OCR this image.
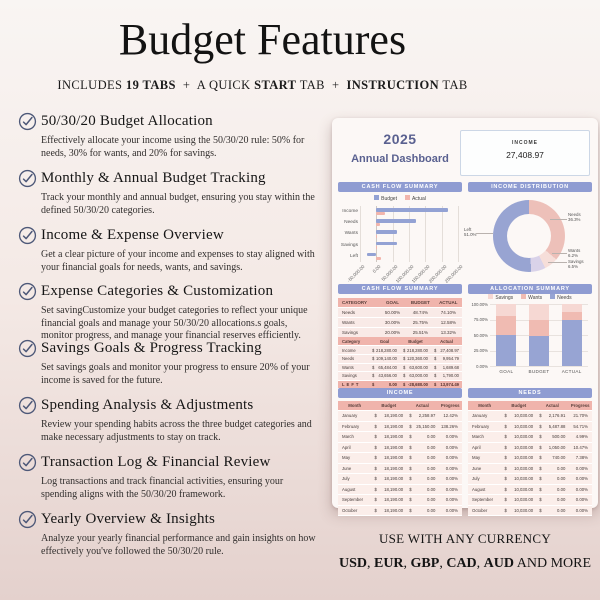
Budget Features
INCLUDES 19 TABS  +  A QUICK START TAB  +  INSTRUCTION TAB
50/30/20 Budget Allocation

Effectively allocate your income using the 50/30/20 rule: 50% for needs, 30% for wants, and 20% for savings.

Monthly & Annual Budget Tracking

Track your monthly and annual budget, ensuring you stay within the defined 50/30/20 categories.

Income & Expense Overview

Get a clear picture of your income and expenses to stay aligned with your financial goals for needs, wants, and savings.

Expense Categories & Customization

Set savingCustomize your budget categories to reflect your unique financial goals and manage your 50/30/20 allocations.s goals, monitor progress, and manage your financial reserves efficiently.

Savings Goals & Progress Tracking

Set savings goals and monitor your progress to ensure 20% of your income is saved for the future.

Spending Analysis & Adjustments

Review your spending habits across the three budget categories and make necessary adjustments to stay on track.

Transaction Log & Financial Review

Log transactions and track financial activities, ensuring your spending aligns with the 50/30/20 framework.

Yearly Overview & Insights

Analyze your yearly financial performance and gain insights on how effectively you've followed the 50/30/20 rule.

2025
Annual Dashboard
INCOME
27,408.97
CASH FLOW SUMMARY	INCOME DISTRIBUTION
Budget	Actual
Income
Needs
Wants
Savings
Left
-50,000.00 0.00
50,000.00
100,000.00
150,000.00
200,000.00
250,000.00
Needs
36.3%
Wants
6.2%
Savings
6.5%
Left
51.0%
CASH FLOW SUMMARY	ALLOCATION SUMMARY
CATEGORY	GOAL	BUDGET	ACTUAL
Needs	50.00%	48.74%	74.10%
Wants	30.00%	25.75%	12.58%
Savings	20.00%	25.51%	13.32%
Category	Goal	Budget	Actual
Income	$ 218,280.00 $ 218,280.00 $ 27,408.97
Needs	$ 109,140.00 $ 120,360.00 $ 9,954.79
Wants	$ 65,484.00 $ 63,600.00 $ 1,689.68
Savings	$ 43,656.00 $ 63,000.00 $ 1,790.00
LEFT	$	0.00 $ -28,680.00 $ 13,974.49
Savings	Wants	Needs
0.00%
25.00%
50.00%
75.00%
100.00%
GOAL	BUDGET	ACTUAL
INCOME	NEEDS
Month	Budget	Actual	Progress
January	$ 18,190.00 $ 2,258.97	12.42%
February	$ 18,190.00 $ 25,150.00	138.26%
March	$ 18,190.00 $	0.00	0.00%
April	$ 18,190.00 $	0.00	0.00%
May	$ 18,190.00 $	0.00	0.00%
June	$ 18,190.00 $	0.00	0.00%
July	$ 18,190.00 $	0.00	0.00%
August	$ 18,190.00 $	0.00	0.00%
September	$ 18,190.00 $	0.00	0.00%
October	$ 18,190.00 $	0.00	0.00%
Month	Budget	Actual	Progress
January	$ 10,030.00 $ 2,176.91	21.70%
February	$ 10,030.00 $ 5,487.88	54.71%
March	$ 10,030.00 $ 500.00	4.99%
April	$ 10,030.00 $ 1,050.00	10.47%
May	$ 10,030.00 $ 740.00	7.38%
June	$ 10,030.00 $	0.00	0.00%
July	$ 10,030.00 $	0.00	0.00%
August	$ 10,030.00 $	0.00	0.00%
September	$ 10,030.00 $	0.00	0.00%
October	$ 10,030.00 $	0.00	0.00%
USE WITH ANY CURRENCY
USD, EUR, GBP, CAD, AUD AND MORE
